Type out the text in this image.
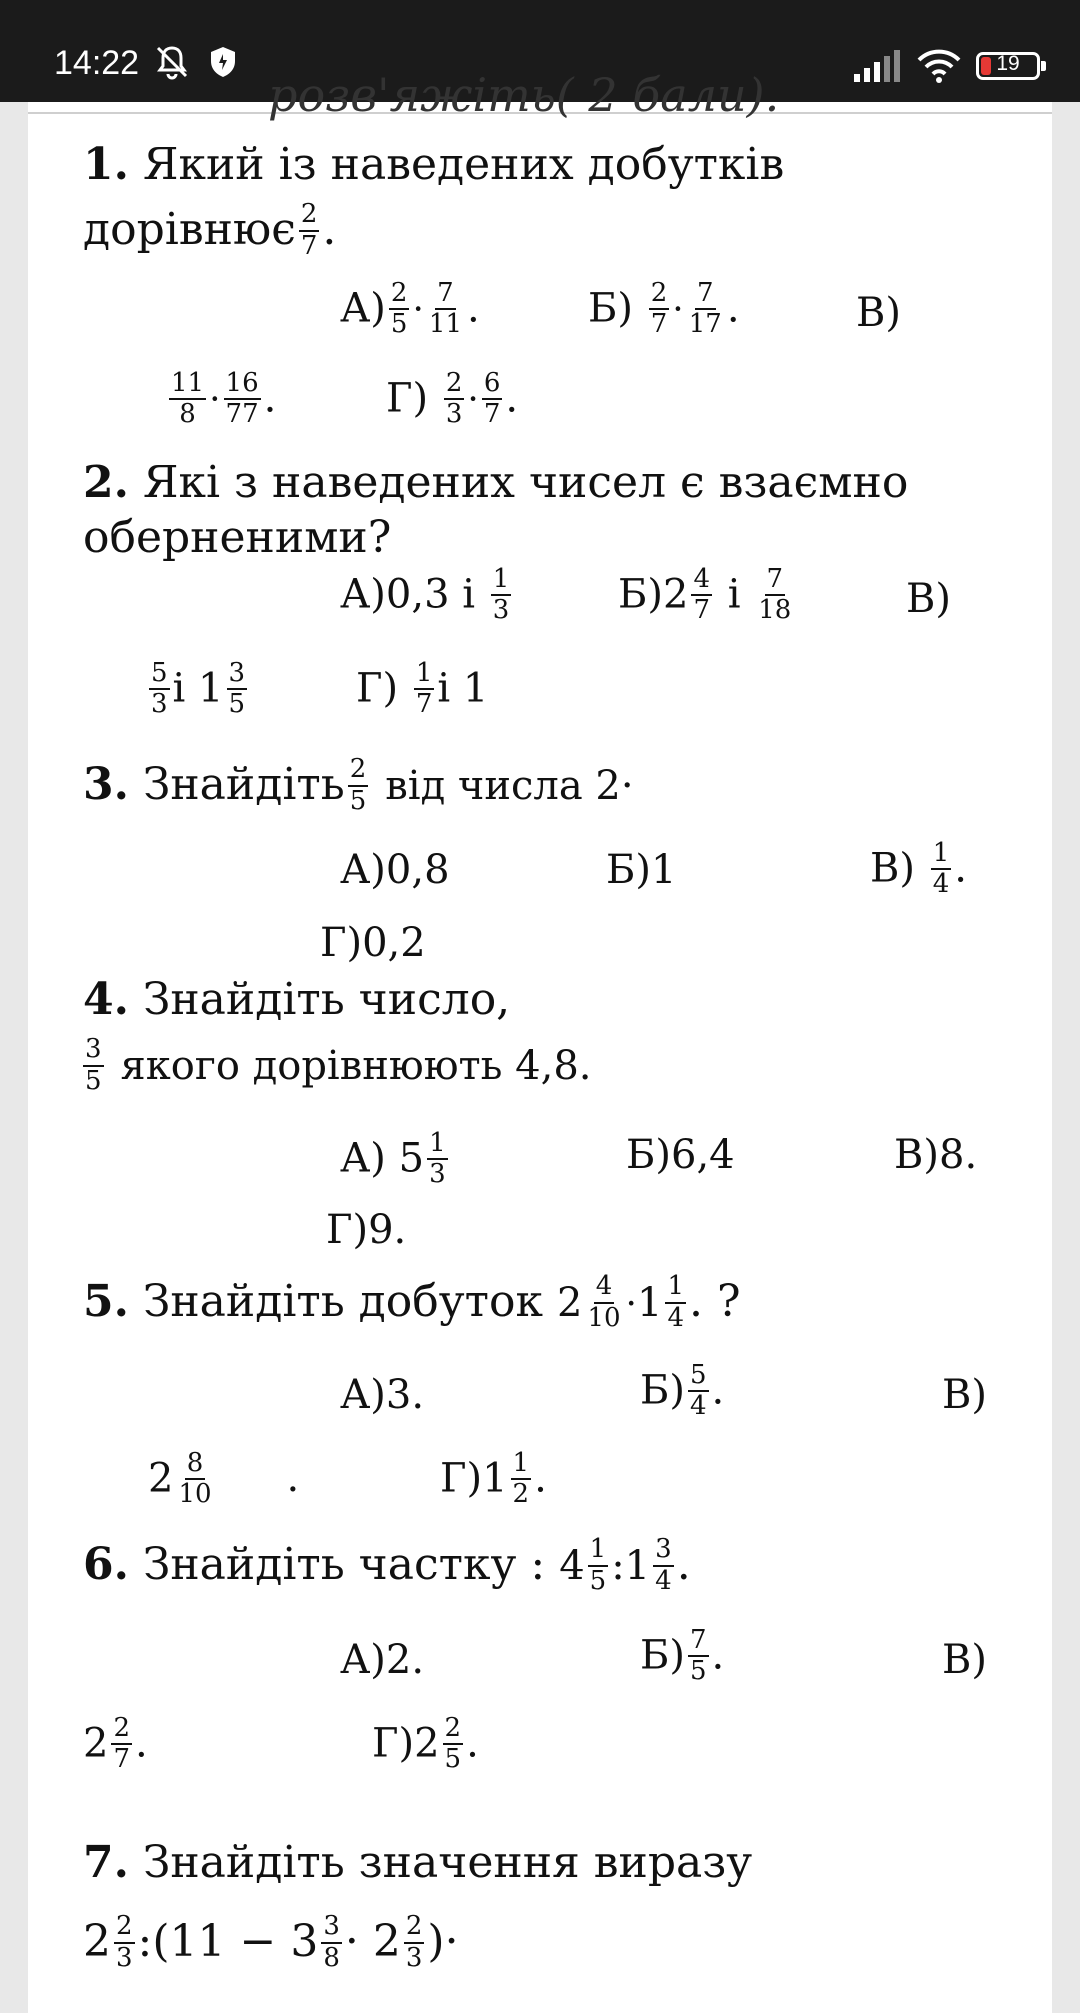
14:22	19
розв'яжіть( 2 бали).
1. Який із наведених добутків
дорівнює $\frac{2}{7}$ .
$А) \frac{2}{5} \cdot \frac{7}{11}$ .	$Б) \frac{2}{7} \cdot \frac{7}{17}$ .	В)
$\frac{11}{8} \cdot \frac{16}{77}$ .	$Г) \frac{2}{3} \cdot \frac{6}{7}$ .
2. Які з наведених чисел є взаємно
оберненими?
А)0,3 і $\frac{1}{3}$	$Б)2 \frac{4}{7}$ і $\frac{7}{18}$	В)
$\frac{5}{3}$ і $1 \frac{3}{5}$	$Г) \frac{1}{7}$ і 1
3. Знайдіть $\frac{2}{5}$ від числа 2·
А)0,8	Б)1	$В) \frac{1}{4}$ .
Г)0,2
4. Знайдіть число,
$\frac{3}{5}$ якого дорівнюють 4,8.
А) $5 \frac{1}{3}$	Б)6,4	В)8.
Г)9.
5. Знайдіть добуток $2 \frac{4}{10} \cdot 1 \frac{1}{4}$ . ?
А)3.	$Б) \frac{5}{4}$ .	В)
$2 \frac{8}{10}$ .	$Г)1 \frac{1}{2}$ .
6. Знайдіть частку : $4 \frac{1}{5}$ :1 $\frac{3}{4}$ .
А)2.	$Б) \frac{7}{5}$ .	В)
$2 \frac{2}{7}$ .	$Г)2 \frac{2}{5}$ .
7. Знайдіть значення виразу
$2 \frac{2}{3}$ :(11 − $3 \frac{3}{8} \cdot 2 \frac{2}{3}$ )·
